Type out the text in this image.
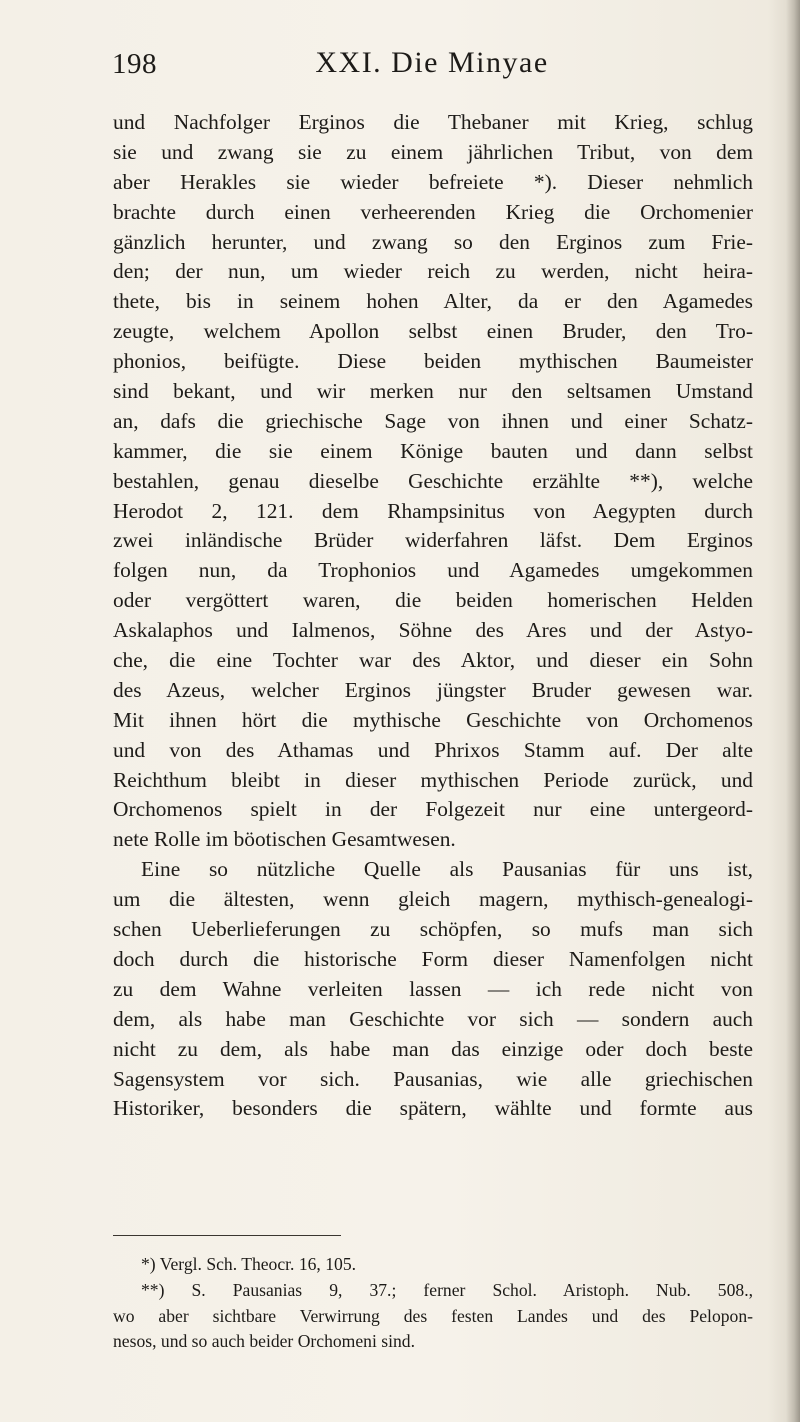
198	XXI. Die Minyae
und Nachfolger Erginos die Thebaner mit Krieg, schlug
sie und zwang sie zu einem jährlichen Tribut, von dem
aber Herakles sie wieder befreiete *). Dieser nehmlich
brachte durch einen verheerenden Krieg die Orchomenier
gänzlich herunter, und zwang so den Erginos zum Frie-
den; der nun, um wieder reich zu werden, nicht heira-
thete, bis in seinem hohen Alter, da er den Agamedes
zeugte, welchem Apollon selbst einen Bruder, den Tro-
phonios, beifügte. Diese beiden mythischen Baumeister
sind bekant, und wir merken nur den seltsamen Umstand
an, dafs die griechische Sage von ihnen und einer Schatz-
kammer, die sie einem Könige bauten und dann selbst
bestahlen, genau dieselbe Geschichte erzählte **), welche
Herodot 2, 121. dem Rhampsinitus von Aegypten durch
zwei inländische Brüder widerfahren läfst. Dem Erginos
folgen nun, da Trophonios und Agamedes umgekommen
oder vergöttert waren, die beiden homerischen Helden
Askalaphos und Ialmenos, Söhne des Ares und der Astyo-
che, die eine Tochter war des Aktor, und dieser ein Sohn
des Azeus, welcher Erginos jüngster Bruder gewesen war.
Mit ihnen hört die mythische Geschichte von Orchomenos
und von des Athamas und Phrixos Stamm auf. Der alte
Reichthum bleibt in dieser mythischen Periode zurück, und
Orchomenos spielt in der Folgezeit nur eine untergeord-
nete Rolle im böotischen Gesamtwesen.
Eine so nützliche Quelle als Pausanias für uns ist,
um die ältesten, wenn gleich magern, mythisch-genealogi-
schen Ueberlieferungen zu schöpfen, so mufs man sich
doch durch die historische Form dieser Namenfolgen nicht
zu dem Wahne verleiten lassen — ich rede nicht von
dem, als habe man Geschichte vor sich — sondern auch
nicht zu dem, als habe man das einzige oder doch beste
Sagensystem vor sich. Pausanias, wie alle griechischen
Historiker, besonders die spätern, wählte und formte aus
*) Vergl. Sch. Theocr. 16, 105.
**) S. Pausanias 9, 37.; ferner Schol. Aristoph. Nub. 508.,
wo aber sichtbare Verwirrung des festen Landes und des Pelopon-
nesos, und so auch beider Orchomeni sind.
